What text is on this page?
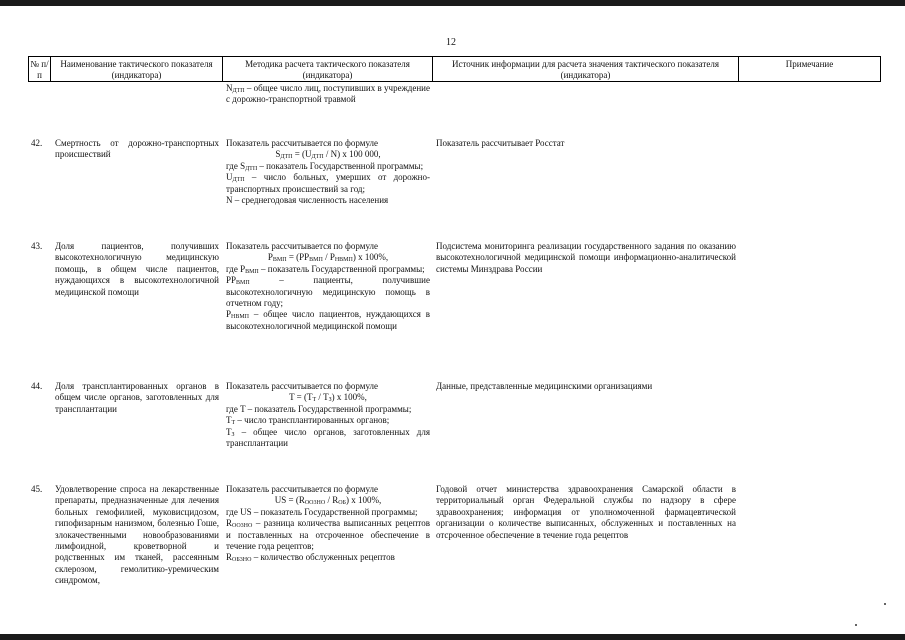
12
№ п/п
Наименование тактического показателя (индикатора)
Методика расчета тактического показателя (индикатора)
Источник информации для расчета значения тактического показателя (индикатора)
Примечание
$N_{ДТП}$ – общее число лиц, поступивших в учреждение с дорожно-транспортной травмой
42. Смертность от дорожно-транспортных происшествий
Показатель рассчитывается по формуле
$S_{ДТП} = (U_{ДТП} / N)$ x 100 000,
где $S_{ДТП}$ – показатель Государственной программы;
$U_{ДТП}$ – число больных, умерших от дорожно-транспортных происшествий за год;
N – среднегодовая численность населения
Показатель рассчитывает Росстат
43. Доля пациентов, получивших высокотехнологичную медицинскую помощь, в общем числе пациентов, нуждающихся в высокотехнологичной медицинской помощи
Показатель рассчитывается по формуле
$P_{ВМП} = (PP_{ВМП} / P_{НВМП})$ x 100%,
где $P_{ВМП}$ – показатель Государственной программы;
$PP_{ВМП}$ – пациенты, получившие высокотехнологичную медицинскую помощь в отчетном году;
$P_{НВМП}$ – общее число пациентов, нуждающихся в высокотехнологичной медицинской помощи
Подсистема мониторинга реализации государственного задания по оказанию высокотехнологичной медицинской помощи информационно-аналитической системы Минздрава России
44. Доля трансплантированных органов в общем числе органов, заготовленных для трансплантации
Показатель рассчитывается по формуле
$T = (T_Т / T_З)$ x 100%,
где T – показатель Государственной программы;
$T_Т$ – число трансплантированных органов;
$T_З$ – общее число органов, заготовленных для трансплантации
Данные, представленные медицинскими организациями
45. Удовлетворение спроса на лекарственные препараты, предназначенные для лечения больных гемофилией, муковисцидозом, гипофизарным нанизмом, болезнью Гоше, злокачественными новообразованиями лимфоидной, кроветворной и родственных им тканей, рассеянным склерозом, гемолитико-уремическим синдромом,
Показатель рассчитывается по формуле
US = $(R_{ОО3НО} / R_{ОБ})$ x 100%,
где US – показатель Государственной программы;
$R_{ОО3НО}$ – разница количества выписанных рецептов и поставленных на отсроченное обеспечение в течение года рецептов;
$R_{ОБ3НО}$ – количество обслуженных рецептов
Годовой отчет министерства здравоохранения Самарской области в территориальный орган Федеральной службы по надзору в сфере здравоохранения; информация от уполномоченной фармацевтической организации о количестве выписанных, обслуженных и поставленных на отсроченное обеспечение в течение года рецептов
